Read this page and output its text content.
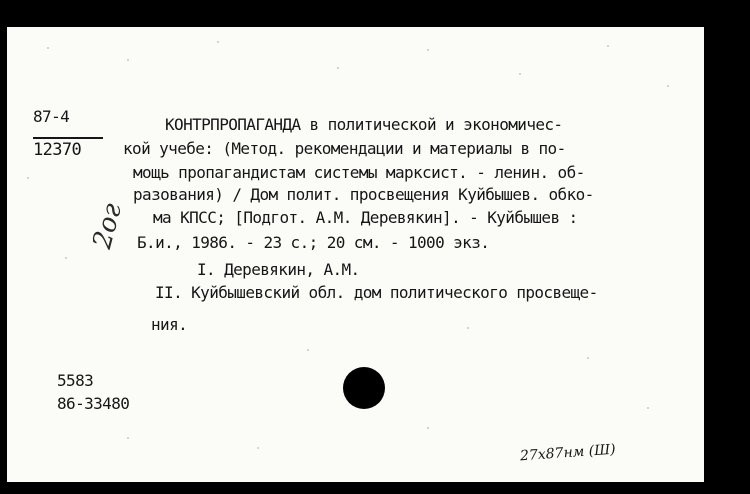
87-4
12370
2ог
КОНТРПРОПАГАНДА в политической и экономичес-
кой учебе: (Метод. рекомендации и материалы в по-
мощь пропагандистам системы марксист. - ленин. об-
разования) / Дом полит. просвещения Куйбышев. обко-
ма КПСС; [Подгот. А.М. Деревякин]. - Куйбышев :
Б.и., 1986. - 23 с.; 20 см. - 1000 экз.
I. Деревякин, А.М.
II. Куйбышевский обл. дом политического просвеще-
ния.
5583
86-33480
27х87нм (Ш)
